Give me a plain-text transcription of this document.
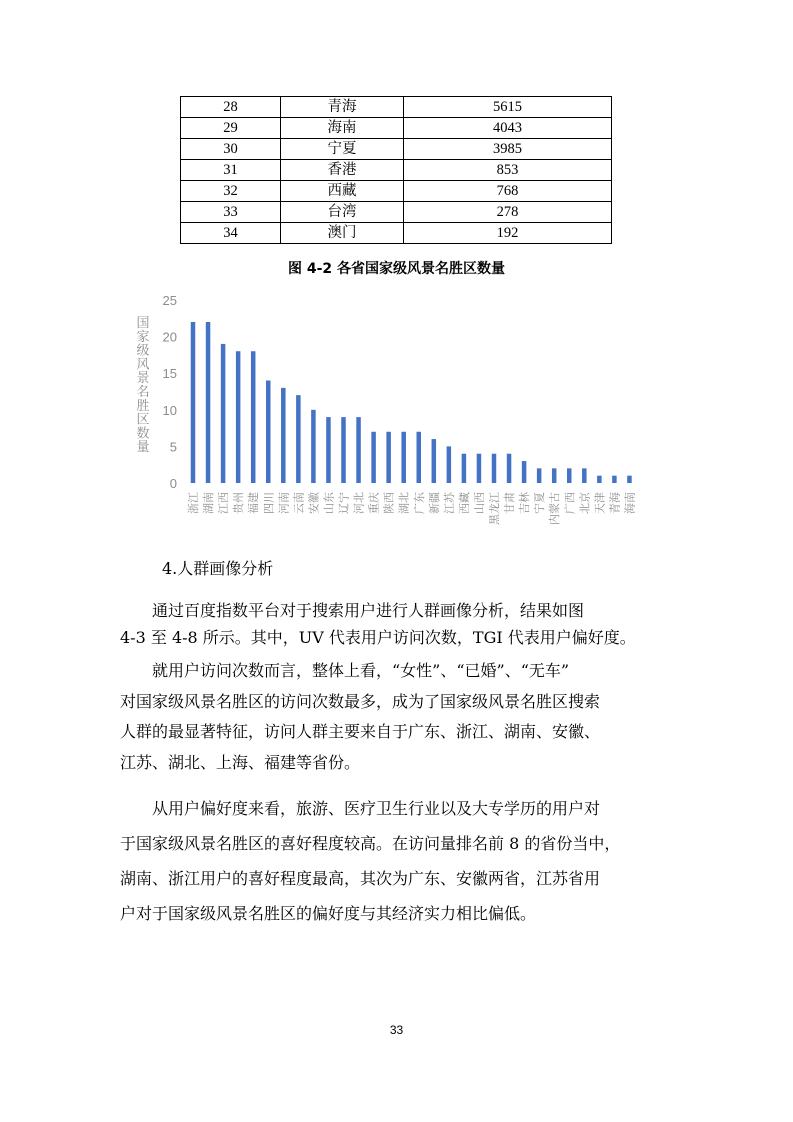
28	青海	5615
29	海南	4043
30	宁夏	3985
31	香港	853
32	西藏	768
33	台湾	278
34	澳门	192
图 4-2 各省国家级风景名胜区数量
0
5
10
15
20
25
国
家
级
风
景
名
胜
区
数
量
浙江 湖南 江西 贵州 福建 四川 河南 云南 安徽 山东 辽宁 河北 重庆 陕西 湖北 广东 新疆 江苏 西藏 山西 黑龙江 甘肃 吉林 宁夏 内蒙古 广西 北京 天津 青海 海南
4.人群画像分析
通过百度指数平台对于搜索用户进行人群画像分析，结果如图
4-3 至 4-8 所示。其中，UV 代表用户访问次数，TGI 代表用户偏好度。
就用户访问次数而言，整体上看，“女性”、“已婚”、“无车”
对国家级风景名胜区的访问次数最多，成为了国家级风景名胜区搜索
人群的最显著特征，访问人群主要来自于广东、浙江、湖南、安徽、
江苏、湖北、上海、福建等省份。
从用户偏好度来看，旅游、医疗卫生行业以及大专学历的用户对
于国家级风景名胜区的喜好程度较高。在访问量排名前 8 的省份当中，
湖南、浙江用户的喜好程度最高，其次为广东、安徽两省，江苏省用
户对于国家级风景名胜区的偏好度与其经济实力相比偏低。
33
